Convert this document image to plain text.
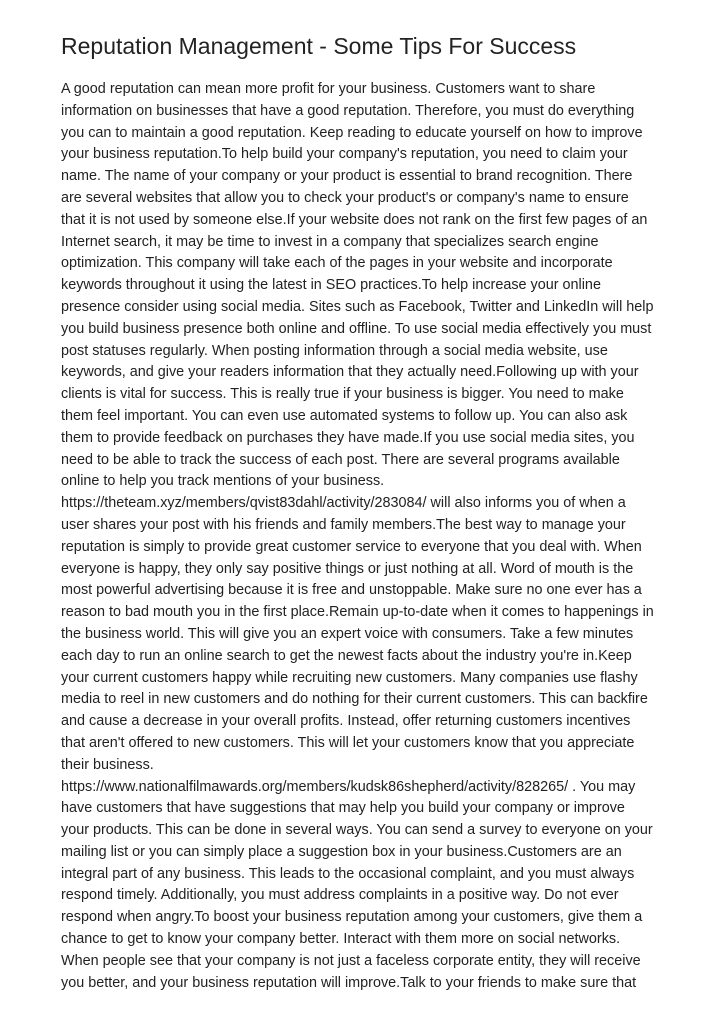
Reputation Management - Some Tips For Success
A good reputation can mean more profit for your business. Customers want to share
information on businesses that have a good reputation. Therefore, you must do everything
you can to maintain a good reputation. Keep reading to educate yourself on how to improve
your business reputation.To help build your company's reputation, you need to claim your
name. The name of your company or your product is essential to brand recognition. There
are several websites that allow you to check your product's or company's name to ensure
that it is not used by someone else.If your website does not rank on the first few pages of an
Internet search, it may be time to invest in a company that specializes search engine
optimization. This company will take each of the pages in your website and incorporate
keywords throughout it using the latest in SEO practices.To help increase your online
presence consider using social media. Sites such as Facebook, Twitter and LinkedIn will help
you build business presence both online and offline. To use social media effectively you must
post statuses regularly. When posting information through a social media website, use
keywords, and give your readers information that they actually need.Following up with your
clients is vital for success. This is really true if your business is bigger. You need to make
them feel important. You can even use automated systems to follow up. You can also ask
them to provide feedback on purchases they have made.If you use social media sites, you
need to be able to track the success of each post. There are several programs available
online to help you track mentions of your business.
https://theteam.xyz/members/qvist83dahl/activity/283084/ will also informs you of when a
user shares your post with his friends and family members.The best way to manage your
reputation is simply to provide great customer service to everyone that you deal with. When
everyone is happy, they only say positive things or just nothing at all. Word of mouth is the
most powerful advertising because it is free and unstoppable. Make sure no one ever has a
reason to bad mouth you in the first place.Remain up-to-date when it comes to happenings in
the business world. This will give you an expert voice with consumers. Take a few minutes
each day to run an online search to get the newest facts about the industry you're in.Keep
your current customers happy while recruiting new customers. Many companies use flashy
media to reel in new customers and do nothing for their current customers. This can backfire
and cause a decrease in your overall profits. Instead, offer returning customers incentives
that aren't offered to new customers. This will let your customers know that you appreciate
their business.
https://www.nationalfilmawards.org/members/kudsk86shepherd/activity/828265/ . You may
have customers that have suggestions that may help you build your company or improve
your products. This can be done in several ways. You can send a survey to everyone on your
mailing list or you can simply place a suggestion box in your business.Customers are an
integral part of any business. This leads to the occasional complaint, and you must always
respond timely. Additionally, you must address complaints in a positive way. Do not ever
respond when angry.To boost your business reputation among your customers, give them a
chance to get to know your company better. Interact with them more on social networks.
When people see that your company is not just a faceless corporate entity, they will receive
you better, and your business reputation will improve.Talk to your friends to make sure that
